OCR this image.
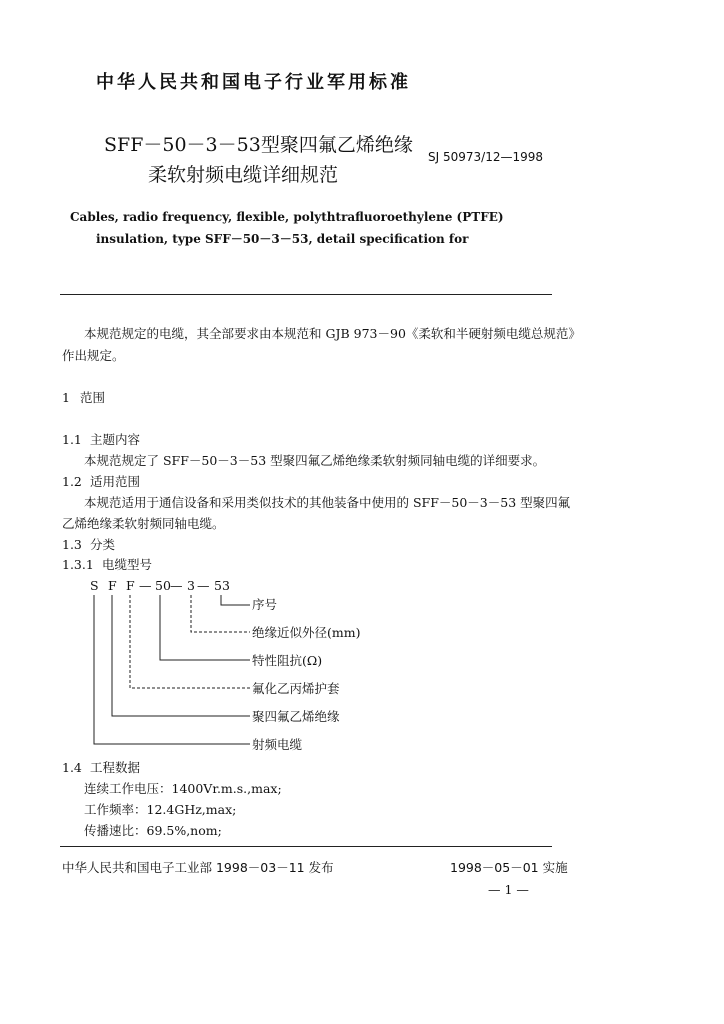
中华人民共和国电子行业军用标准
SFF－50－3－53型聚四氟乙烯绝缘
柔软射频电缆详细规范
SJ 50973/12—1998
Cables, radio frequency, flexible, polythtrafluoroethylene (PTFE)
insulation, type SFF－50－3－53, detail specification for
本规范规定的电缆，其全部要求由本规范和 GJB 973－90《柔软和半硬射频电缆总规范》
作出规定。
1 范围
1.1 主题内容
本规范规定了 SFF－50－3－53 型聚四氟乙烯绝缘柔软射频同轴电缆的详细要求。
1.2 适用范围
本规范适用于通信设备和采用类似技术的其他装备中使用的 SFF－50－3－53 型聚四氟
乙烯绝缘柔软射频同轴电缆。
1.3 分类
1.3.1 电缆型号
S F F — 50 — 3 — 53
序号
绝缘近似外径(mm)
特性阻抗(Ω)
氟化乙丙烯护套
聚四氟乙烯绝缘
射频电缆
1.4 工程数据
连续工作电压：1400Vr.m.s.,max;
工作频率：12.4GHz,max;
传播速比：69.5%,nom;
中华人民共和国电子工业部 1998－03－11 发布	1998－05－01 实施
— 1 —
